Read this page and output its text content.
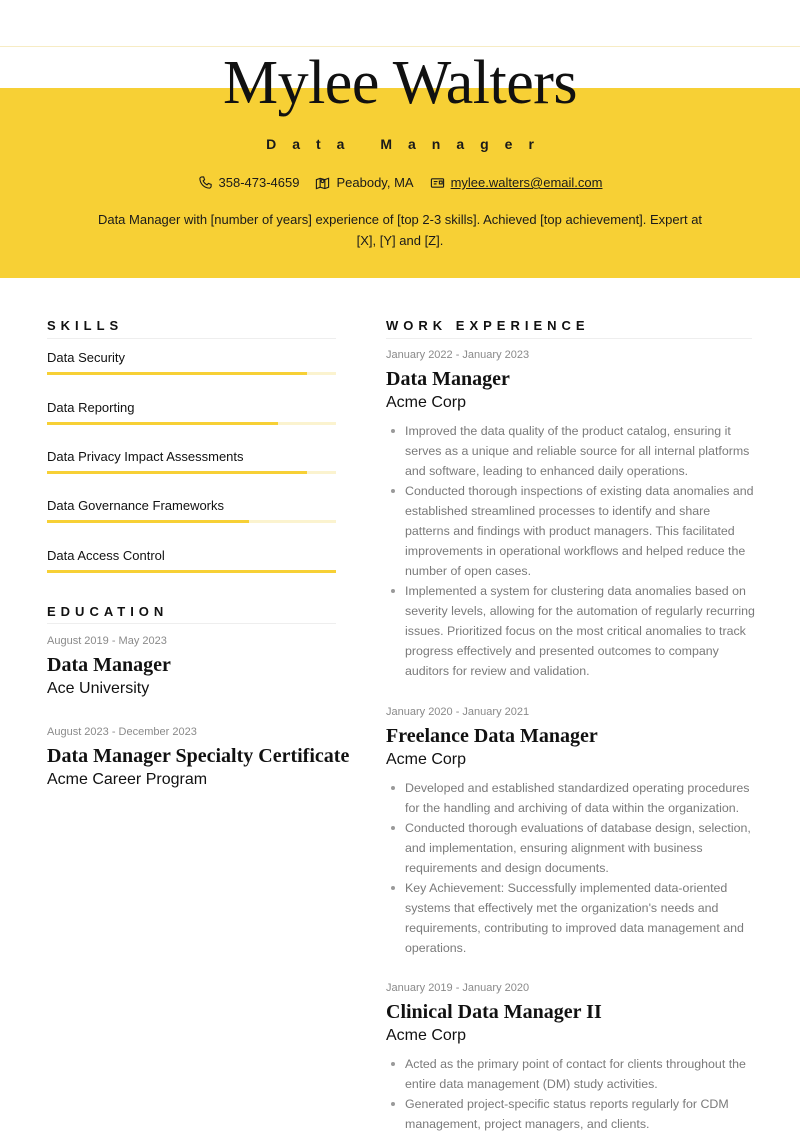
Mylee Walters
Data Manager
358-473-4659	Peabody, MA	mylee.walters@email.com
Data Manager with [number of years] experience of [top 2-3 skills]. Achieved [top achievement]. Expert at [X], [Y] and [Z].
SKILLS
Data Security
Data Reporting
Data Privacy Impact Assessments
Data Governance Frameworks
Data Access Control
EDUCATION
August 2019 - May 2023
Data Manager
Ace University
August 2023 - December 2023
Data Manager Specialty Certificate
Acme Career Program
WORK EXPERIENCE
January 2022 - January 2023
Data Manager
Acme Corp
Improved the data quality of the product catalog, ensuring it serves as a unique and reliable source for all internal platforms and software, leading to enhanced daily operations.
Conducted thorough inspections of existing data anomalies and established streamlined processes to identify and share patterns and findings with product managers. This facilitated improvements in operational workflows and helped reduce the number of open cases.
Implemented a system for clustering data anomalies based on severity levels, allowing for the automation of regularly recurring issues. Prioritized focus on the most critical anomalies to track progress effectively and presented outcomes to company auditors for review and validation.
January 2020 - January 2021
Freelance Data Manager
Acme Corp
Developed and established standardized operating procedures for the handling and archiving of data within the organization.
Conducted thorough evaluations of database design, selection, and implementation, ensuring alignment with business requirements and design documents.
Key Achievement: Successfully implemented data-oriented systems that effectively met the organization's needs and requirements, contributing to improved data management and operations.
January 2019 - January 2020
Clinical Data Manager II
Acme Corp
Acted as the primary point of contact for clients throughout the entire data management (DM) study activities.
Generated project-specific status reports regularly for CDM management, project managers, and clients.
